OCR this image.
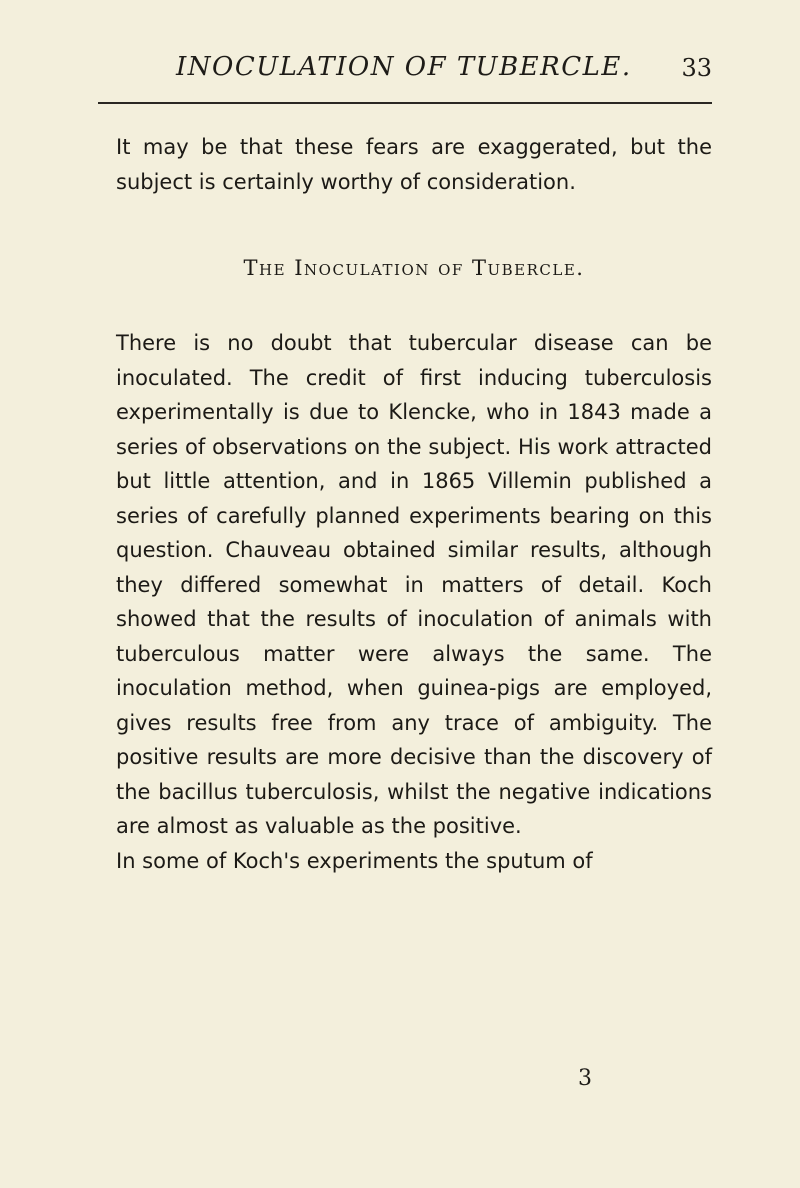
INOCULATION OF TUBERCLE. 33

It may be that these fears are exaggerated, but the subject is certainly worthy of consideration.

The Inoculation of Tubercle.

There is no doubt that tubercular disease can be inoculated. The credit of first inducing tuberculosis experimentally is due to Klencke, who in 1843 made a series of observations on the subject. His work attracted but little attention, and in 1865 Villemin published a series of carefully planned experiments bearing on this question. Chauveau obtained similar results, although they differed somewhat in matters of detail. Koch showed that the results of inoculation of animals with tuberculous matter were always the same. The inoculation method, when guinea-pigs are employed, gives results free from any trace of ambiguity. The positive results are more decisive than the discovery of the bacillus tuberculosis, whilst the negative indications are almost as valuable as the positive.

In some of Koch's experiments the sputum of

3
